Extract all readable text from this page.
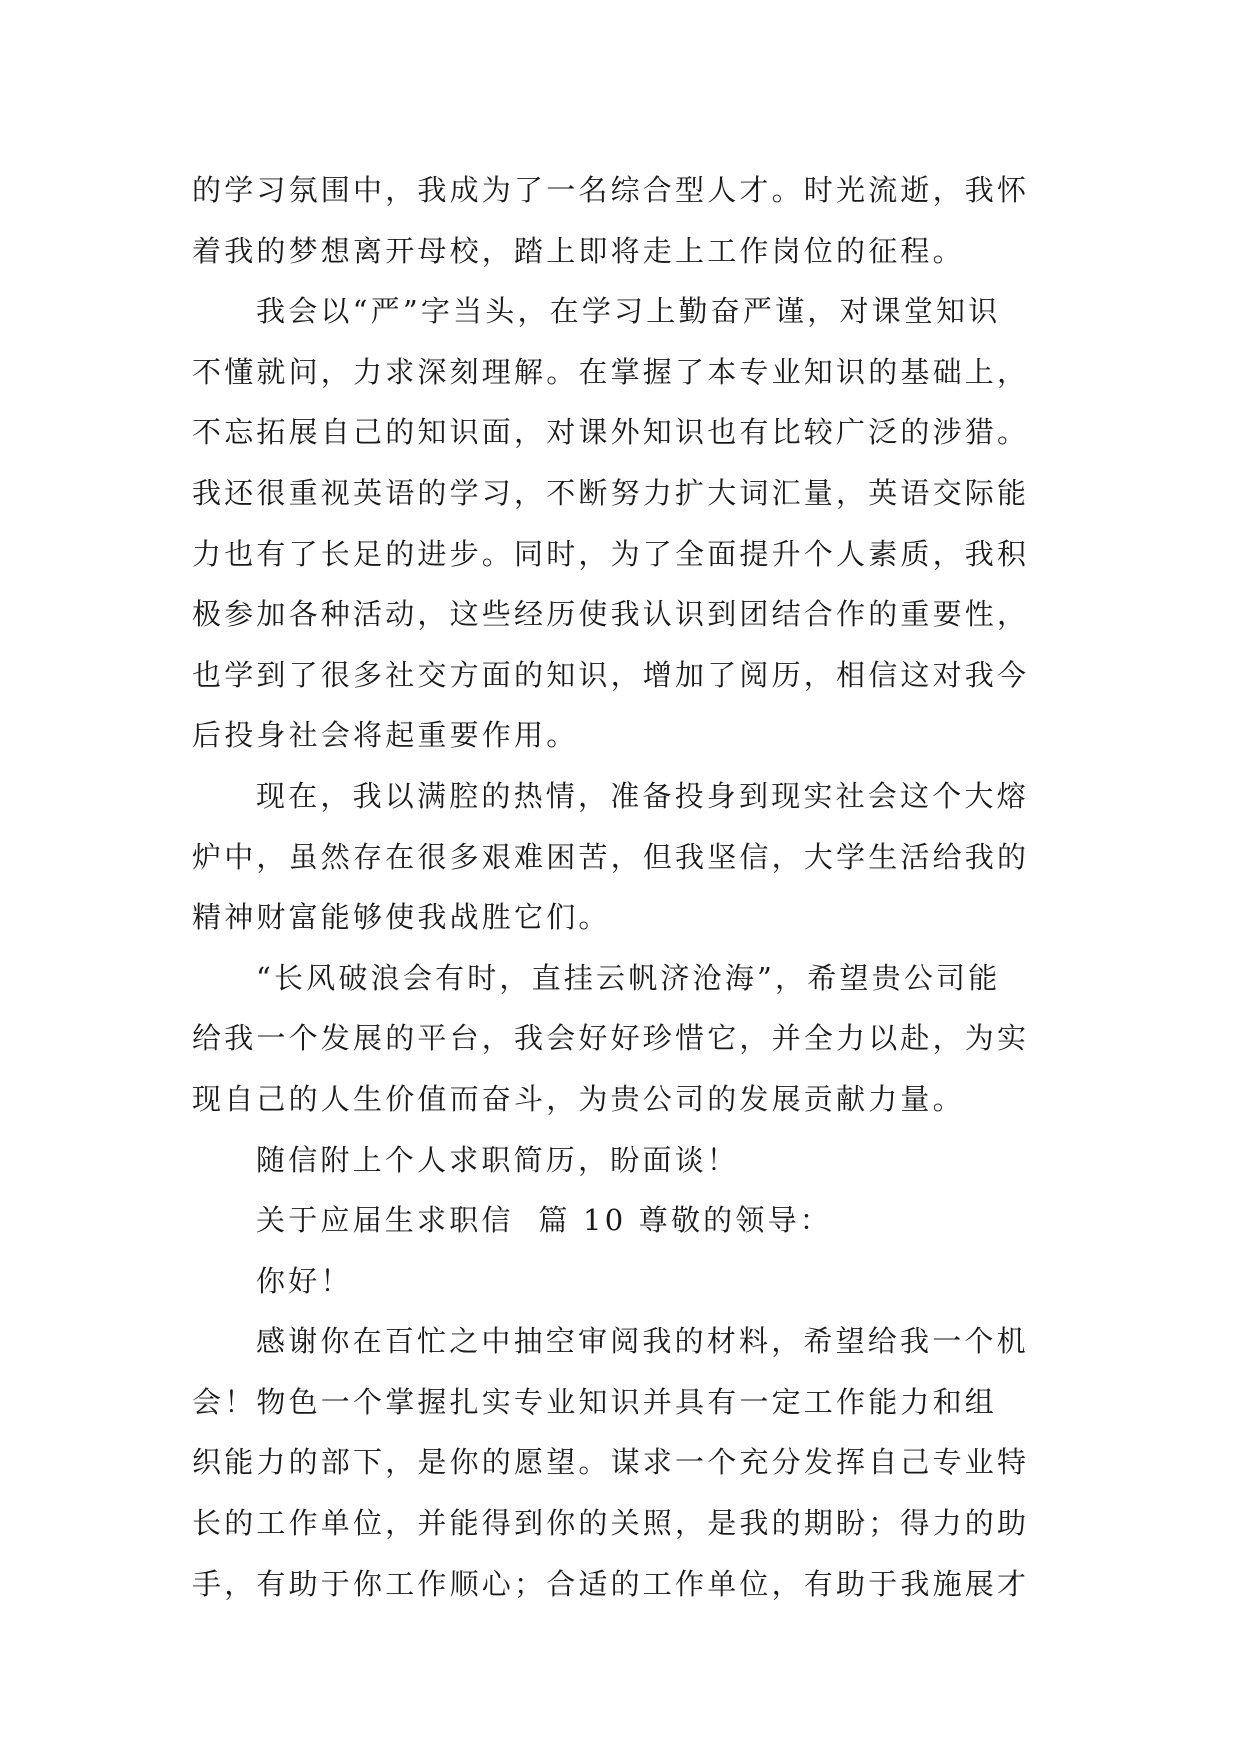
的学习氛围中，我成为了一名综合型人才。时光流逝，我怀
着我的梦想离开母校，踏上即将走上工作岗位的征程。
我会以“严”字当头，在学习上勤奋严谨，对课堂知识
不懂就问，力求深刻理解。在掌握了本专业知识的基础上，
不忘拓展自己的知识面，对课外知识也有比较广泛的涉猎。
我还很重视英语的学习，不断努力扩大词汇量，英语交际能
力也有了长足的进步。同时，为了全面提升个人素质，我积
极参加各种活动，这些经历使我认识到团结合作的重要性，
也学到了很多社交方面的知识，增加了阅历，相信这对我今
后投身社会将起重要作用。
现在，我以满腔的热情，准备投身到现实社会这个大熔
炉中，虽然存在很多艰难困苦，但我坚信，大学生活给我的
精神财富能够使我战胜它们。
“长风破浪会有时，直挂云帆济沧海”，希望贵公司能
给我一个发展的平台，我会好好珍惜它，并全力以赴，为实
现自己的人生价值而奋斗，为贵公司的发展贡献力量。
随信附上个人求职简历，盼面谈！
关于应届生求职信  篇 10 尊敬的领导：
你好！
感谢你在百忙之中抽空审阅我的材料，希望给我一个机
会！物色一个掌握扎实专业知识并具有一定工作能力和组
织能力的部下，是你的愿望。谋求一个充分发挥自己专业特
长的工作单位，并能得到你的关照，是我的期盼；得力的助
手，有助于你工作顺心；合适的工作单位，有助于我施展才
